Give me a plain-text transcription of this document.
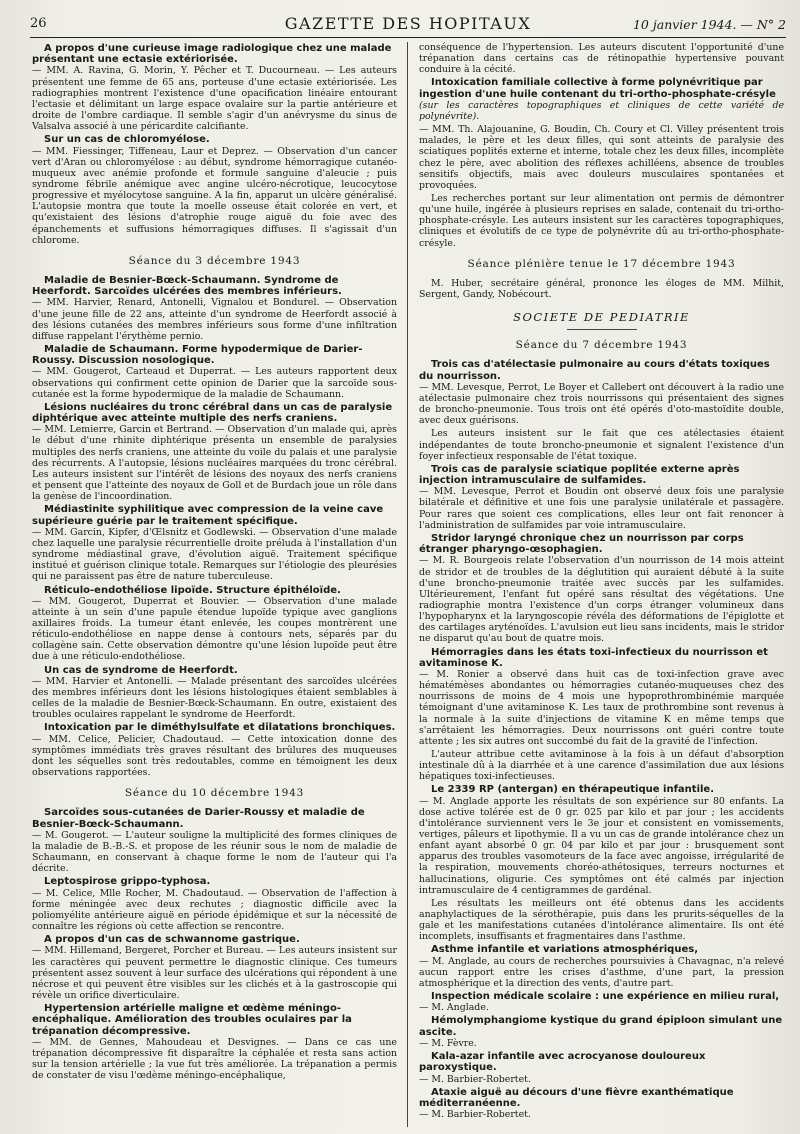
26	GAZETTE DES HOPITAUX	10 janvier 1944. — N° 2
A propos d'une curieuse image radiologique chez une malade présentant une ectasie extériorisée.

— MM. A. Ravina, G. Morin, Y. Pêcher et T. Ducourneau. — Les auteurs présentent une femme de 65 ans, porteuse d'une ectasie extériorisée. Les radiographies montrent l'existence d'une opacification linéaire entourant l'ectasie et délimitant un large espace ovalaire sur la partie antérieure et droite de l'ombre cardiaque. Il semble s'agir d'un anévrysme du sinus de Valsalva associé à une péricardite calcifiante.

Sur un cas de chloromyélose.

— MM. Fiessinger, Tiffeneau, Laur et Deprez. — Observation d'un cancer vert d'Aran ou chloromyélose : au début, syndrome hémorragique cutanéo-muqueux avec anémie profonde et formule sanguine d'aleucie ; puis syndrome fébrile anémique avec angine ulcéro-nécrotique, leucocytose progressive et myélocytose sanguine. A la fin, apparut un ulcère généralisé. L'autopsie montra que toute la moelle osseuse était colorée en vert, et qu'existaient des lésions d'atrophie rouge aiguë du foie avec des épanchements et suffusions hémorragiques diffuses. Il s'agissait d'un chlorome.

Séance du 3 décembre 1943
Maladie de Besnier-Bœck-Schaumann. Syndrome de Heerfordt. Sarcoïdes ulcérées des membres inférieurs.

— MM. Harvier, Renard, Antonelli, Vignalou et Bondurel. — Observation d'une jeune fille de 22 ans, atteinte d'un syndrome de Heerfordt associé à des lésions cutanées des membres inférieurs sous forme d'une infiltration diffuse rappelant l'érythème pernio.

Maladie de Schaumann. Forme hypodermique de Darier-Roussy. Discussion nosologique.

— MM. Gougerot, Carteaud et Duperrat. — Les auteurs rapportent deux observations qui confirment cette opinion de Darier que la sarcoïde sous-cutanée est la forme hypodermique de la maladie de Schaumann.

Lésions nucléaires du tronc cérébral dans un cas de paralysie diphtérique avec atteinte multiple des nerfs craniens.

— MM. Lemierre, Garcin et Bertrand. — Observation d'un malade qui, après le début d'une rhinite diphtérique présenta un ensemble de paralysies multiples des nerfs craniens, une atteinte du voile du palais et une paralysie des récurrents. A l'autopsie, lésions nucléaires marquées du tronc cérébral. Les auteurs insistent sur l'intérêt de lésions des noyaux des nerfs craniens et pensent que l'atteinte des noyaux de Goll et de Burdach joue un rôle dans la genèse de l'incoordination.

Médiastinite syphilitique avec compression de la veine cave supérieure guérie par le traitement spécifique.

— MM. Garcin, Kipfer, d'Œlsnitz et Godlewski. — Observation d'une malade chez laquelle une paralysie récurrentielle droite préluda à l'installation d'un syndrome médiastinal grave, d'évolution aiguë. Traitement spécifique institué et guérison clinique totale. Remarques sur l'étiologie des pleurésies qui ne paraissent pas être de nature tuberculeuse.

Réticulo-endothéliose lipoïde. Structure épithéloïde.

— MM. Gougerot, Duperrat et Bouvier. — Observation d'une malade atteinte à un sein d'une papule étendue lupoïde typique avec ganglions axillaires froids. La tumeur étant enlevée, les coupes montrèrent une réticulo-endothéliose en nappe dense à contours nets, séparés par du collagène sain. Cette observation démontre qu'une lésion lupoïde peut être due à une réticulo-endothéliose.

Un cas de syndrome de Heerfordt.

— MM. Harvier et Antonelli. — Malade présentant des sarcoïdes ulcérées des membres inférieurs dont les lésions histologiques étaient semblables à celles de la maladie de Besnier-Bœck-Schaumann. En outre, existaient des troubles oculaires rappelant le syndrome de Heerfordt.

Intoxication par le diméthylsulfate et dilatations bronchiques.

— MM. Celice, Pelicier, Chadoutaud. — Cette intoxication donne des symptômes immédiats très graves résultant des brûlures des muqueuses dont les séquelles sont très redoutables, comme en témoignent les deux observations rapportées.

Séance du 10 décembre 1943
Sarcoïdes sous-cutanées de Darier-Roussy et maladie de Besnier-Bœck-Schaumann.

— M. Gougerot. — L'auteur souligne la multiplicité des formes cliniques de la maladie de B.-B.-S. et propose de les réunir sous le nom de maladie de Schaumann, en conservant à chaque forme le nom de l'auteur qui l'a décrite.

Leptospirose grippo-typhosa.

— M. Celice, Mlle Rocher, M. Chadoutaud. — Observation de l'affection à forme méningée avec deux rechutes ; diagnostic difficile avec la poliomyélite antérieure aiguë en période épidémique et sur la nécessité de connaître les régions où cette affection se rencontre.

A propos d'un cas de schwannome gastrique.

— MM. Hillemand, Bergeret, Porcher et Bureau. — Les auteurs insistent sur les caractères qui peuvent permettre le diagnostic clinique. Ces tumeurs présentent assez souvent à leur surface des ulcérations qui répondent à une nécrose et qui peuvent être visibles sur les clichés et à la gastroscopie qui révèle un orifice diverticulaire.

Hypertension artérielle maligne et œdème méningo-encéphalique. Amélioration des troubles oculaires par la trépanation décompressive.

— MM. de Gennes, Mahoudeau et Desvignes. — Dans ce cas une trépanation décompressive fit disparaître la céphalée et resta sans action sur la tension artérielle ; la vue fut très améliorée. La trépanation a permis de constater de visu l'œdème méningo-encéphalique,

conséquence de l'hypertension. Les auteurs discutent l'opportunité d'une trépanation dans certains cas de rétinopathie hypertensive pouvant conduire à la cécité.

Intoxication familiale collective à forme polynévritique par ingestion d'une huile contenant du tri-ortho-phosphate-crésyle

(sur les caractères topographiques et cliniques de cette variété de polynévrite).

— MM. Th. Alajouanine, G. Boudin, Ch. Coury et Cl. Villey présentent trois malades, le père et les deux filles, qui sont atteints de paralysie des sciatiques poplités externe et interne, totale chez les deux filles, incomplète chez le père, avec abolition des réflexes achilléens, absence de troubles sensitifs objectifs, mais avec douleurs musculaires spontanées et provoquées.

Les recherches portant sur leur alimentation ont permis de démontrer qu'une huile, ingérée à plusieurs reprises en salade, contenait du tri-ortho-phosphate-crésyle. Les auteurs insistent sur les caractères topographiques, cliniques et évolutifs de ce type de polynévrite dû au tri-ortho-phosphate-crésyle.

Séance plénière tenue le 17 décembre 1943

M. Huber, secrétaire général, prononce les éloges de MM. Milhit, Sergent, Gandy, Nobécourt.

SOCIETE DE PEDIATRIE
Séance du 7 décembre 1943
Trois cas d'atélectasie pulmonaire au cours d'états toxiques du nourrisson.

— MM. Levesque, Perrot, Le Boyer et Callebert ont découvert à la radio une atélectasie pulmonaire chez trois nourrissons qui présentaient des signes de broncho-pneumonie. Tous trois ont été opérés d'oto-mastoïdite double, avec deux guérisons.

Les auteurs insistent sur le fait que ces atélectasies étaient indépendantes de toute broncho-pneumonie et signalent l'existence d'un foyer infectieux responsable de l'état toxique.

Trois cas de paralysie sciatique poplitée externe après injection intramusculaire de sulfamides.

— MM. Levesque, Perrot et Boudin ont observé deux fois une paralysie bilatérale et définitive et une fois une paralysie unilatérale et passagère. Pour rares que soient ces complications, elles leur ont fait renoncer à l'administration de sulfamides par voie intramusculaire.

Stridor laryngé chronique chez un nourrisson par corps étranger pharyngo-œsophagien.

— M. R. Bourgeois relate l'observation d'un nourrisson de 14 mois atteint de stridor et de troubles de la déglutition qui auraient débuté à la suite d'une broncho-pneumonie traitée avec succès par les sulfamides. Ultérieurement, l'enfant fut opéré sans résultat des végétations. Une radiographie montra l'existence d'un corps étranger volumineux dans l'hypopharynx et la laryngoscopie révéla des déformations de l'épiglotte et des cartilages aryténoïdes. L'avulsion eut lieu sans incidents, mais le stridor ne disparut qu'au bout de quatre mois.

Hémorragies dans les états toxi-infectieux du nourrisson et avitaminose K.

— M. Ronier a observé dans huit cas de toxi-infection grave avec hématémèses abondantes ou hémorragies cutanéo-muqueuses chez des nourrissons de moins de 4 mois une hypoprothrombinémie marquée témoignant d'une avitaminose K. Les taux de prothrombine sont revenus à la normale à la suite d'injections de vitamine K en même temps que s'arrêtaient les hémorragies. Deux nourrissons ont guéri contre toute attente ; les six autres ont succombé du fait de la gravité de l'infection.

L'auteur attribue cette avitaminose à la fois à un défaut d'absorption intestinale dû à la diarrhée et à une carence d'assimilation due aux lésions hépatiques toxi-infectieuses.

Le 2339 RP (antergan) en thérapeutique infantile.

— M. Anglade apporte les résultats de son expérience sur 80 enfants. La dose active tolérée est de 0 gr. 025 par kilo et par jour ; les accidents d'intolérance surviennent vers le 3e jour et consistent en vomissements, vertiges, pâleurs et lipothymie. Il a vu un cas de grande intolérance chez un enfant ayant absorbé 0 gr. 04 par kilo et par jour : brusquement sont apparus des troubles vasomoteurs de la face avec angoisse, irrégularité de la respiration, mouvements choréo-athétosiques, terreurs nocturnes et hallucinations, oligurie. Ces symptômes ont été calmés par injection intramusculaire de 4 centigrammes de gardénal.

Les résultats les meilleurs ont été obtenus dans les accidents anaphylactiques de la sérothérapie, puis dans les prurits-séquelles de la gale et les manifestations cutanées d'intolérance alimentaire. Ils ont été incomplets, insuffisants et fragmentaires dans l'asthme.

Asthme infantile et variations atmosphériques,

— M. Anglade, au cours de recherches poursuivies à Chavagnac, n'a relevé aucun rapport entre les crises d'asthme, d'une part, la pression atmosphérique et la direction des vents, d'autre part.

Inspection médicale scolaire : une expérience en milieu rural,

— M. Anglade.

Hémolymphangiome kystique du grand épiploon simulant une ascite.

— M. Fèvre.

Kala-azar infantile avec acrocyanose douloureux paroxystique.

— M. Barbier-Robertet.

Ataxie aiguë au décours d'une fièvre exanthématique méditerranéenne.

— M. Barbier-Robertet.
